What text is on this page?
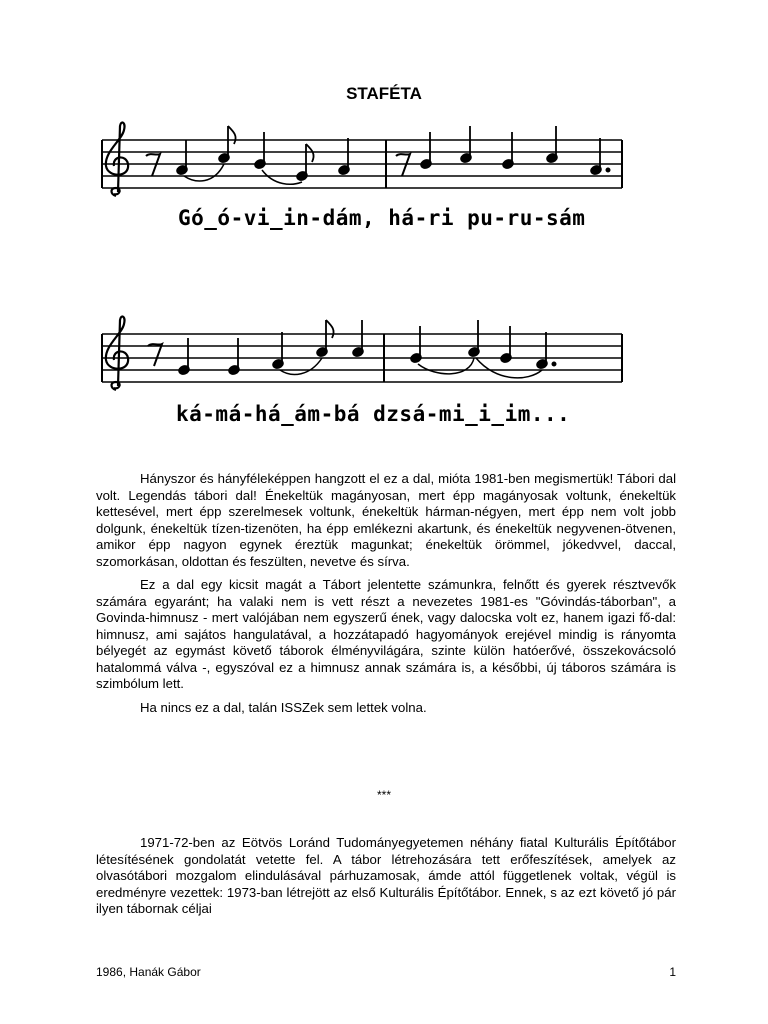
STAFÉTA
Gó_ó-vi_in-dám, há-ri pu-ru-sám
ká-má-há_ám-bá dzsá-mi_i_im...

Hányszor és hányféleképpen hangzott el ez a dal, mióta 1981-ben megismertük! Tábori dal volt. Legendás tábori dal! Énekeltük magányosan, mert épp magányosak voltunk, énekeltük kettesével, mert épp szerelmesek voltunk, énekeltük hárman-négyen, mert épp nem volt jobb dolgunk, énekeltük tízen-tizenöten, ha épp emlékezni akartunk, és énekeltük negyvenen-ötvenen, amikor épp nagyon egynek éreztük magunkat; énekeltük örömmel, jókedvvel, daccal, szomorkásan, oldottan és feszülten, nevetve és sírva.

Ez a dal egy kicsit magát a Tábort jelentette számunkra, felnőtt és gyerek résztvevők számára egyaránt; ha valaki nem is vett részt a nevezetes 1981-es "Góvindás-táborban", a Govinda-himnusz - mert valójában nem egyszerű ének, vagy dalocska volt ez, hanem igazi fő-dal: himnusz, ami sajátos hangulatával, a hozzátapadó hagyományok erejével mindig is rányomta bélyegét az egymást követő táborok élményvilágára, szinte külön hatóerővé, összekovácsoló hatalommá válva -, egyszóval ez a himnusz annak számára is, a későbbi, új táboros számára is szimbólum lett.

Ha nincs ez a dal, talán ISSZek sem lettek volna.

***

1971-72-ben az Eötvös Loránd Tudományegyetemen néhány fiatal Kulturális Építőtábor létesítésének gondolatát vetette fel. A tábor létrehozására tett erőfeszítések, amelyek az olvasótábori mozgalom elindulásával párhuzamosak, ámde attól függetlenek voltak, végül is eredményre vezettek: 1973-ban létrejött az első Kulturális Építőtábor. Ennek, s az ezt követő jó pár ilyen tábornak céljai

1986, Hanák Gábor	1
